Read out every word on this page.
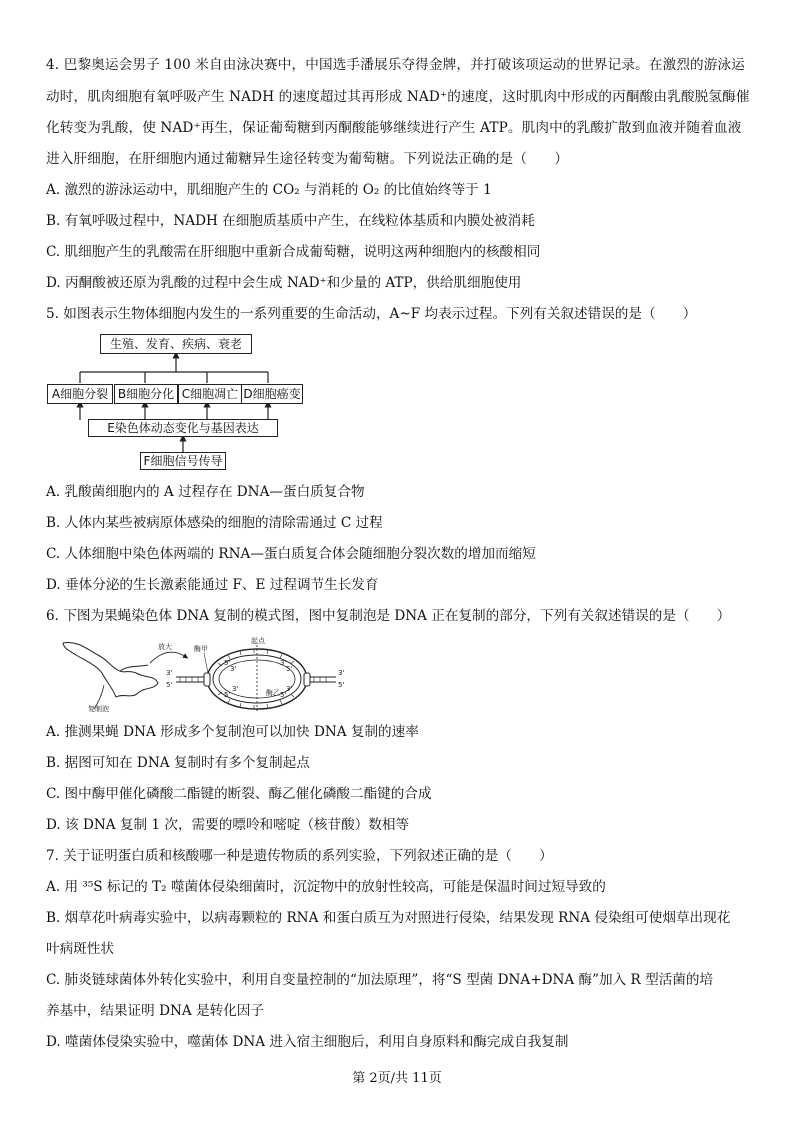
4. 巴黎奥运会男子 100 米自由泳决赛中，中国选手潘展乐夺得金牌，并打破该项运动的世界记录。在激烈的游泳运
动时，肌肉细胞有氧呼吸产生 NADH 的速度超过其再形成 NAD⁺的速度，这时肌肉中形成的丙酮酸由乳酸脱氢酶催
化转变为乳酸，使 NAD⁺再生，保证葡萄糖到丙酮酸能够继续进行产生 ATP。肌肉中的乳酸扩散到血液并随着血液
进入肝细胞，在肝细胞内通过葡糖异生途径转变为葡萄糖。下列说法正确的是（　　）
A. 激烈的游泳运动中，肌细胞产生的 CO₂ 与消耗的 O₂ 的比值始终等于 1
B. 有氧呼吸过程中，NADH 在细胞质基质中产生，在线粒体基质和内膜处被消耗
C. 肌细胞产生的乳酸需在肝细胞中重新合成葡萄糖，说明这两种细胞内的核酸相同
D. 丙酮酸被还原为乳酸的过程中会生成 NAD⁺和少量的 ATP，供给肌细胞使用
5. 如图表示生物体细胞内发生的一系列重要的生命活动，A~F 均表示过程。下列有关叙述错误的是（　　）
生殖、发育、疾病、衰老
A细胞分裂 B细胞分化 C细胞凋亡 D细胞癌变
E染色体动态变化与基因表达
F细胞信号传导
A. 乳酸菌细胞内的 A 过程存在 DNA—蛋白质复合物
B. 人体内某些被病原体感染的细胞的清除需通过 C 过程
C. 人体细胞中染色体两端的 RNA—蛋白质复合体会随细胞分裂次数的增加而缩短
D. 垂体分泌的生长激素能通过 F、E 过程调节生长发育
6. 下图为果蝇染色体 DNA 复制的模式图，图中复制泡是 DNA 正在复制的部分，下列有关叙述错误的是（　　）
复制泡
放大
起点
酶甲
酶乙
3'
5'
3'
5'
5'
3'
5'
3'
3'
5'
5'
3'
A. 推测果蝇 DNA 形成多个复制泡可以加快 DNA 复制的速率
B. 据图可知在 DNA 复制时有多个复制起点
C. 图中酶甲催化磷酸二酯键的断裂、酶乙催化磷酸二酯键的合成
D. 该 DNA 复制 1 次，需要的嘌呤和嘧啶（核苷酸）数相等
7. 关于证明蛋白质和核酸哪一种是遗传物质的系列实验，下列叙述正确的是（　　）
A. 用 ³⁵S 标记的 T₂ 噬菌体侵染细菌时，沉淀物中的放射性较高，可能是保温时间过短导致的
B. 烟草花叶病毒实验中，以病毒颗粒的 RNA 和蛋白质互为对照进行侵染，结果发现 RNA 侵染组可使烟草出现花
叶病斑性状
C. 肺炎链球菌体外转化实验中，利用自变量控制的“加法原理”，将“S 型菌 DNA+DNA 酶”加入 R 型活菌的培
养基中，结果证明 DNA 是转化因子
D. 噬菌体侵染实验中，噬菌体 DNA 进入宿主细胞后，利用自身原料和酶完成自我复制
第 2页/共 11页
